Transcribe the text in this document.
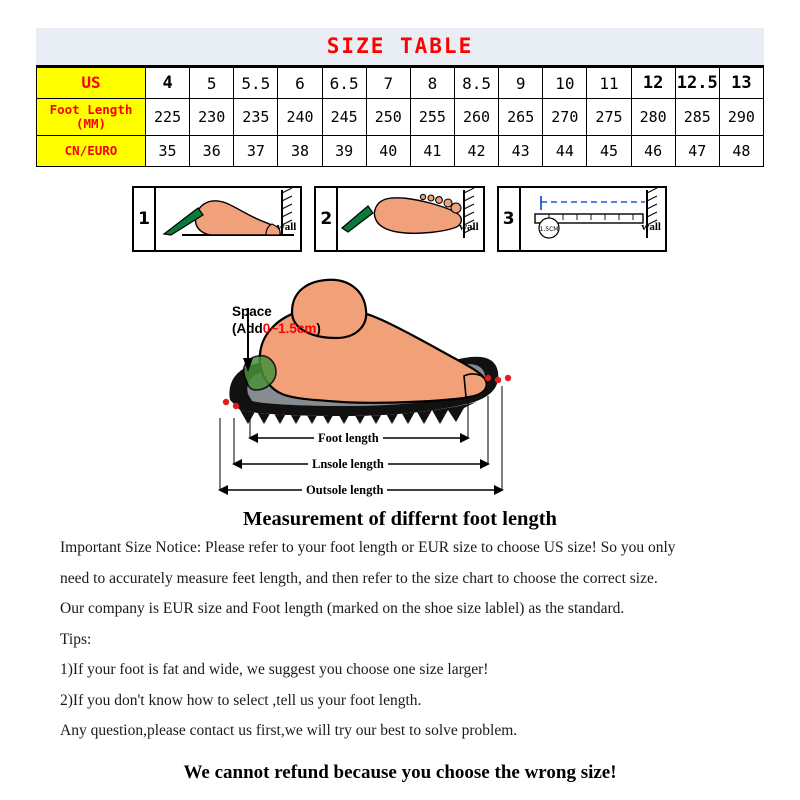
SIZE TABLE
US	4	5	5.5	6	6.5	7	8	8.5	9	10	11	12	12.5	13

Foot Length
(MM)	225	230	235	240	245	250	255	260	265	270	275	280	285	290
CN/EURO	35	36	37	38	39	40	41	42	43	44	45	46	47	48
1	wall 2	wall 3
1.5CM	wall
Space
(Add0~1.5cm)
Foot length
Lnsole length
Outsole length
Measurement of differnt foot length

Important Size Notice: Please refer to your foot length or EUR size to choose US size! So you only

need to accurately measure feet length, and then refer to the size chart to choose the correct size.

Our company is EUR size and Foot length (marked on the shoe size lablel) as the standard.

Tips:

1)If your foot is fat and wide, we suggest you choose one size larger!

2)If you don't know how to select ,tell us your foot length.

Any question,please contact us first,we will try our best to solve problem.

We cannot refund because you choose the wrong size!
